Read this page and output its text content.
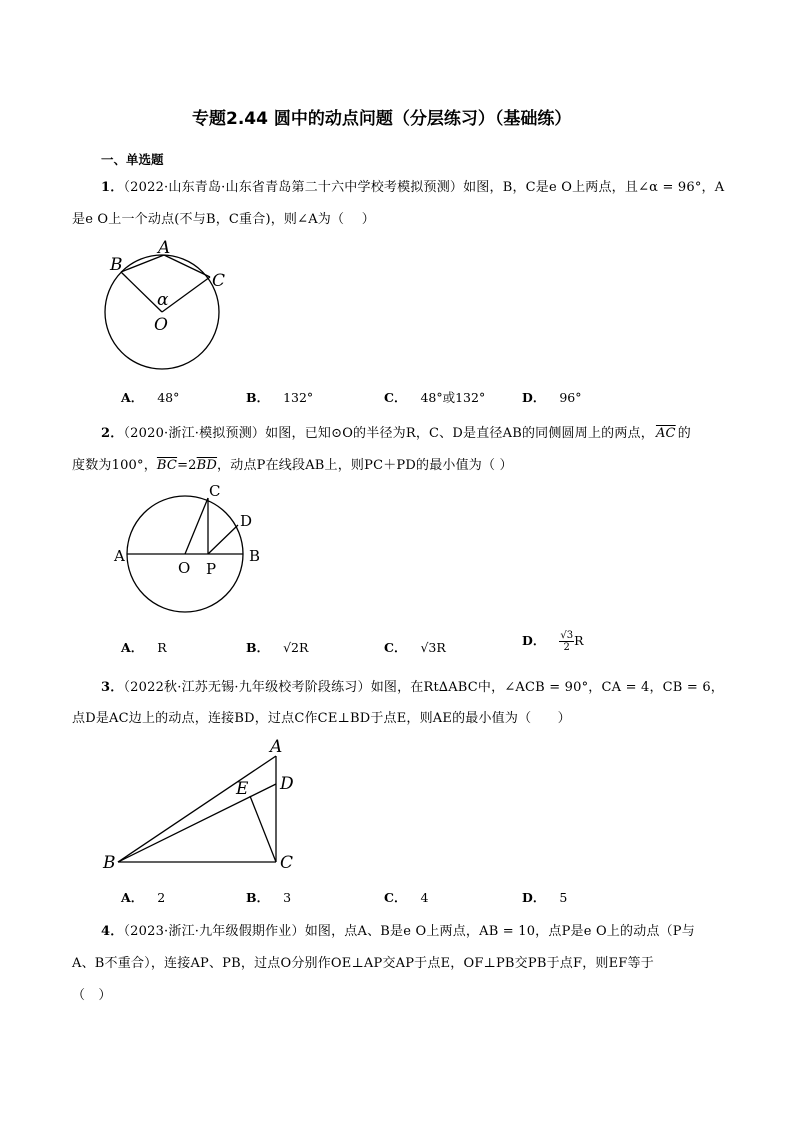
专题2.44 圆中的动点问题（分层练习）（基础练）
一、单选题
1．（2022·山东青岛·山东省青岛第二十六中学校考模拟预测）如图，B，C是e O上两点，且∠α = 96°，A
是e O上一个动点(不与B，C重合)，则∠A为（　 ）
A
B
C
α
O
A． 48°	B． 132°	C． 48°或132°	D． 96°
2．（2020·浙江·模拟预测）如图，已知⊙O的半径为R，C、D是直径AB的同侧圆周上的两点， $\overline{AC}$ 的
度数为100°，$\overline{BC}=2\overline{BD}$，动点P在线段AB上，则PC＋PD的最小值为（ ）
A	B
C
D
O P
A． R	B． √2R	C． √3R	D． $\frac{√3}{2}$ R
3．（2022秋·江苏无锡·九年级校考阶段练习）如图，在Rt∆ABC中，∠ACB = 90°，CA = 4，CB = 6，
点D是AC边上的动点，连接BD，过点C作CE⊥BD于点E，则AE的最小值为（　　）
A
B	C
D
E
A． 2	B． 3	C． 4	D． 5
4．（2023·浙江·九年级假期作业）如图，点A、B是e O上两点，AB = 10，点P是e O上的动点（P与
A、B不重合），连接AP、PB，过点O分别作OE⊥AP交AP于点E，OF⊥PB交PB于点F，则EF等于
（　）
